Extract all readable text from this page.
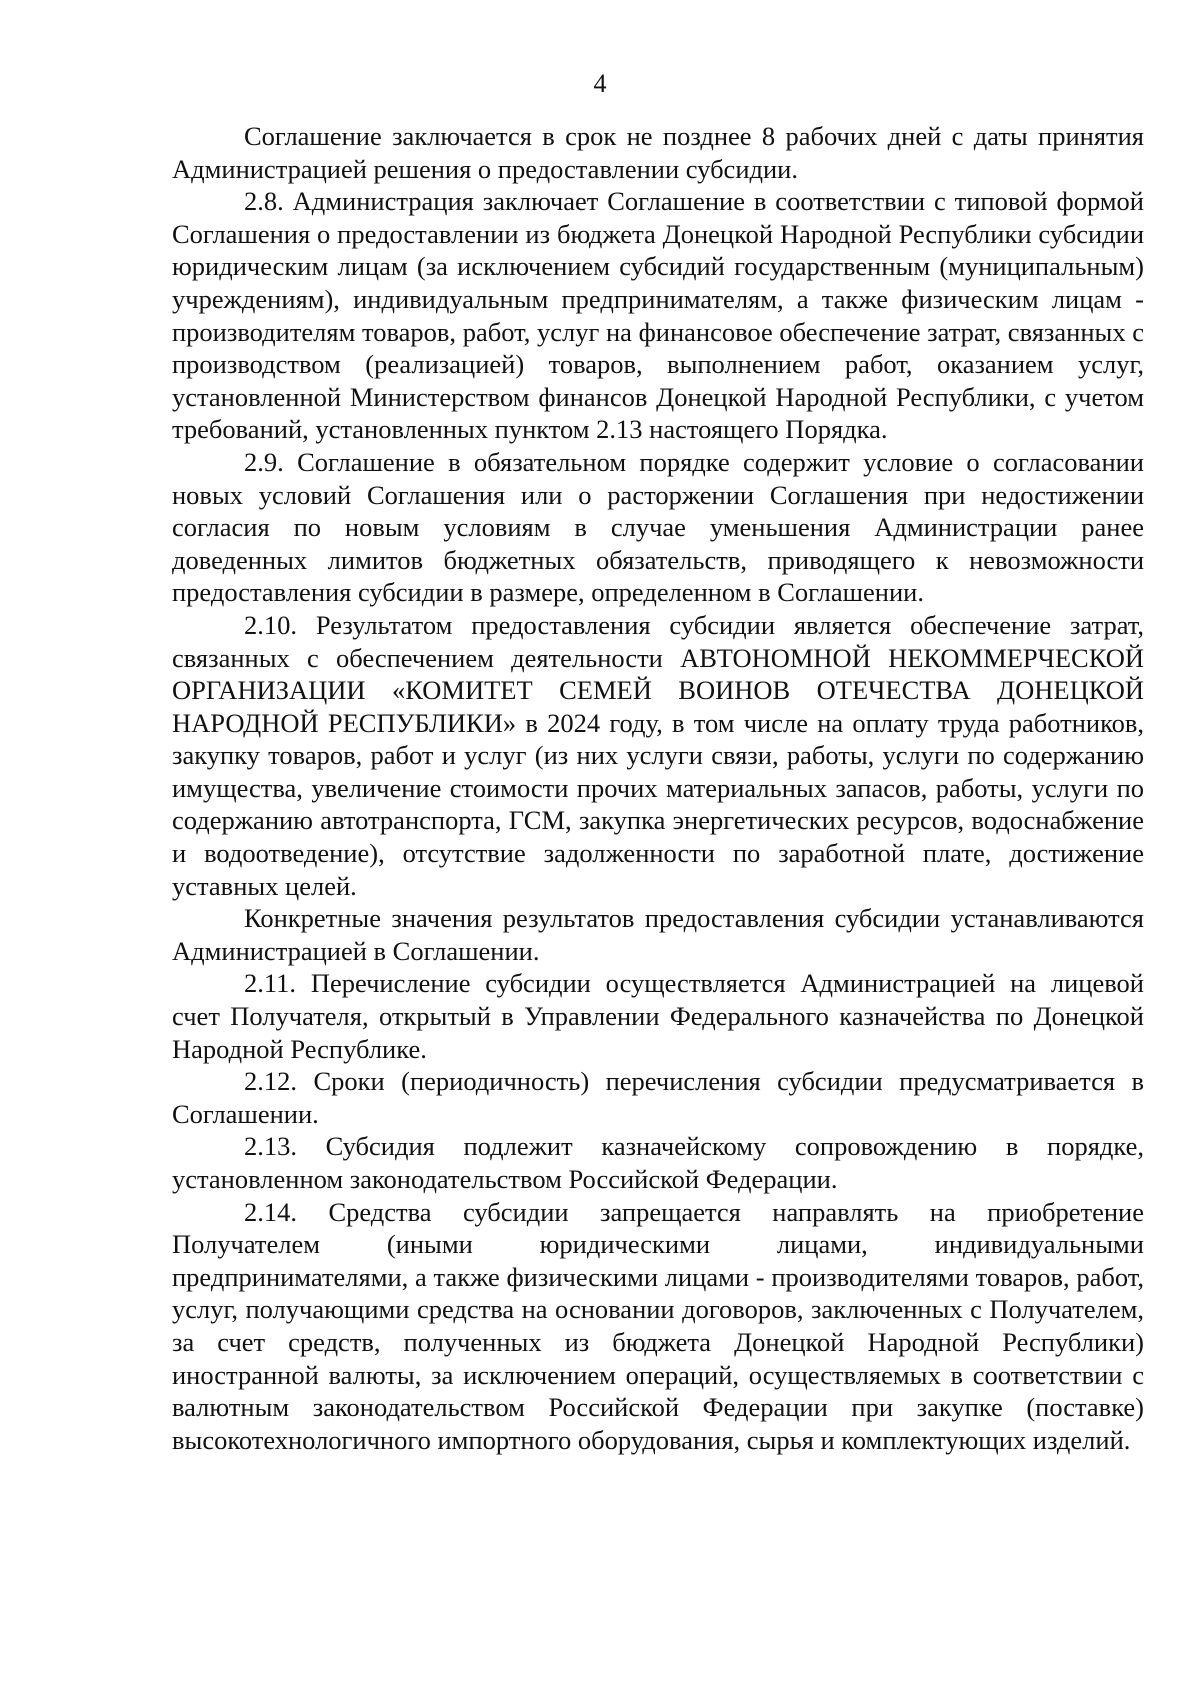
4

Соглашение заключается в срок не позднее 8 рабочих дней с даты принятия Администрацией решения о предоставлении субсидии.

2.8. Администрация заключает Соглашение в соответствии с типовой формой Соглашения о предоставлении из бюджета Донецкой Народной Республики субсидии юридическим лицам (за исключением субсидий государственным (муниципальным) учреждениям), индивидуальным предпринимателям, а также физическим лицам - производителям товаров, работ, услуг на финансовое обеспечение затрат, связанных с производством (реализацией) товаров, выполнением работ, оказанием услуг, установленной Министерством финансов Донецкой Народной Республики, с учетом требований, установленных пунктом 2.13 настоящего Порядка.

2.9. Соглашение в обязательном порядке содержит условие о согласовании новых условий Соглашения или о расторжении Соглашения при недостижении согласия по новым условиям в случае уменьшения Администрации ранее доведенных лимитов бюджетных обязательств, приводящего к невозможности предоставления субсидии в размере, определенном в Соглашении.

2.10. Результатом предоставления субсидии является обеспечение затрат, связанных с обеспечением деятельности АВТОНОМНОЙ НЕКОММЕРЧЕСКОЙ ОРГАНИЗАЦИИ «КОМИТЕТ СЕМЕЙ ВОИНОВ ОТЕЧЕСТВА ДОНЕЦКОЙ НАРОДНОЙ РЕСПУБЛИКИ» в 2024 году, в том числе на оплату труда работников, закупку товаров, работ и услуг (из них услуги связи, работы, услуги по содержанию имущества, увеличение стоимости прочих материальных запасов, работы, услуги по содержанию автотранспорта, ГСМ, закупка энергетических ресурсов, водоснабжение и водоотведение), отсутствие задолженности по заработной плате, достижение уставных целей.

Конкретные значения результатов предоставления субсидии устанавливаются Администрацией в Соглашении.

2.11. Перечисление субсидии осуществляется Администрацией на лицевой счет Получателя, открытый в Управлении Федерального казначейства по Донецкой Народной Республике.

2.12. Сроки (периодичность) перечисления субсидии предусматривается в Соглашении.

2.13. Субсидия подлежит казначейскому сопровождению в порядке, установленном законодательством Российской Федерации.

2.14. Средства субсидии запрещается направлять на приобретение Получателем (иными юридическими лицами, индивидуальными предпринимателями, а также физическими лицами - производителями товаров, работ, услуг, получающими средства на основании договоров, заключенных с Получателем, за счет средств, полученных из бюджета Донецкой Народной Республики) иностранной валюты, за исключением операций, осуществляемых в соответствии с валютным законодательством Российской Федерации при закупке (поставке) высокотехнологичного импортного оборудования, сырья и комплектующих изделий.
